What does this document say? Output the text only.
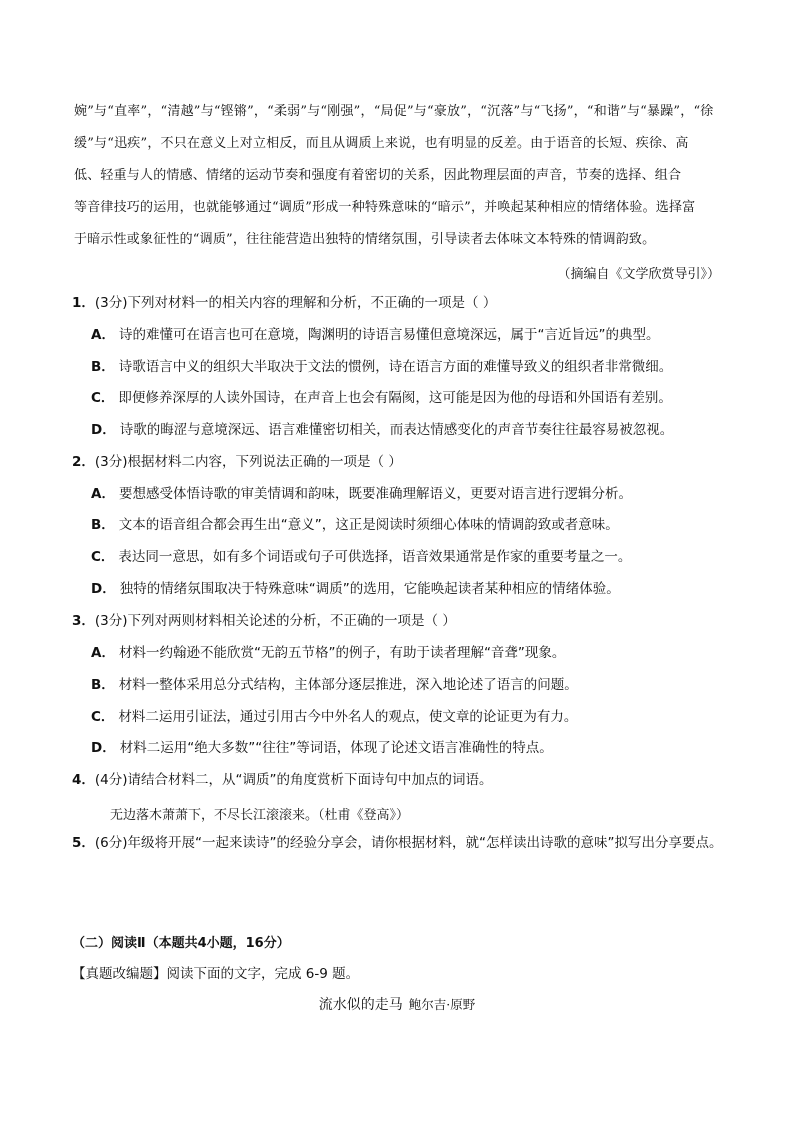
婉”与“直率”，“清越”与“铿锵”，“柔弱”与“刚强”，“局促”与“豪放”，“沉落”与“飞扬”，“和谐”与“暴躁”，“徐
缓”与“迅疾”，不只在意义上对立相反，而且从调质上来说，也有明显的反差。由于语音的长短、疾徐、高
低、轻重与人的情感、情绪的运动节奏和强度有着密切的关系，因此物理层面的声音，节奏的选择、组合
等音律技巧的运用，也就能够通过“调质”形成一种特殊意味的“暗示”，并唤起某种相应的情绪体验。选择富
于暗示性或象征性的“调质”，往往能营造出独特的情绪氛围，引导读者去体味文本特殊的情调韵致。
（摘编自《文学欣赏导引》）
1．(3分)下列对材料一的相关内容的理解和分析，不正确的一项是（ ）
A． 诗的难懂可在语言也可在意境，陶渊明的诗语言易懂但意境深远，属于“言近旨远”的典型。
B． 诗歌语言中义的组织大半取决于文法的惯例，诗在语言方面的难懂导致义的组织者非常微细。
C． 即便修养深厚的人读外国诗，在声音上也会有隔阂，这可能是因为他的母语和外国语有差别。
D． 诗歌的晦涩与意境深远、语言难懂密切相关，而表达情感变化的声音节奏往往最容易被忽视。
2．(3分)根据材料二内容，下列说法正确的一项是（ ）
A． 要想感受体悟诗歌的审美情调和韵味，既要准确理解语义，更要对语言进行逻辑分析。
B． 文本的语音组合都会再生出“意义”，这正是阅读时须细心体味的情调韵致或者意味。
C． 表达同一意思，如有多个词语或句子可供选择，语音效果通常是作家的重要考量之一。
D． 独特的情绪氛围取决于特殊意味“调质”的选用，它能唤起读者某种相应的情绪体验。
3．(3分)下列对两则材料相关论述的分析，不正确的一项是（ ）
A． 材料一约翰逊不能欣赏“无韵五节格”的例子，有助于读者理解“音聋”现象。
B． 材料一整体采用总分式结构，主体部分逐层推进，深入地论述了语言的问题。
C． 材料二运用引证法，通过引用古今中外名人的观点，使文章的论证更为有力。
D． 材料二运用“绝大多数”“往往”等词语，体现了论述文语言准确性的特点。
4．(4分)请结合材料二，从“调质”的角度赏析下面诗句中加点的词语。
无边落木萧萧下，不尽长江滚滚来。（杜甫《登高》）
5．(6分)年级将开展“一起来读诗”的经验分享会，请你根据材料，就“怎样读出诗歌的意味”拟写出分享要点。
（二）阅读Ⅱ（本题共4小题，16分）
【真题改编题】阅读下面的文字，完成 6-9 题。
流水似的走马 鲍尔吉·原野
